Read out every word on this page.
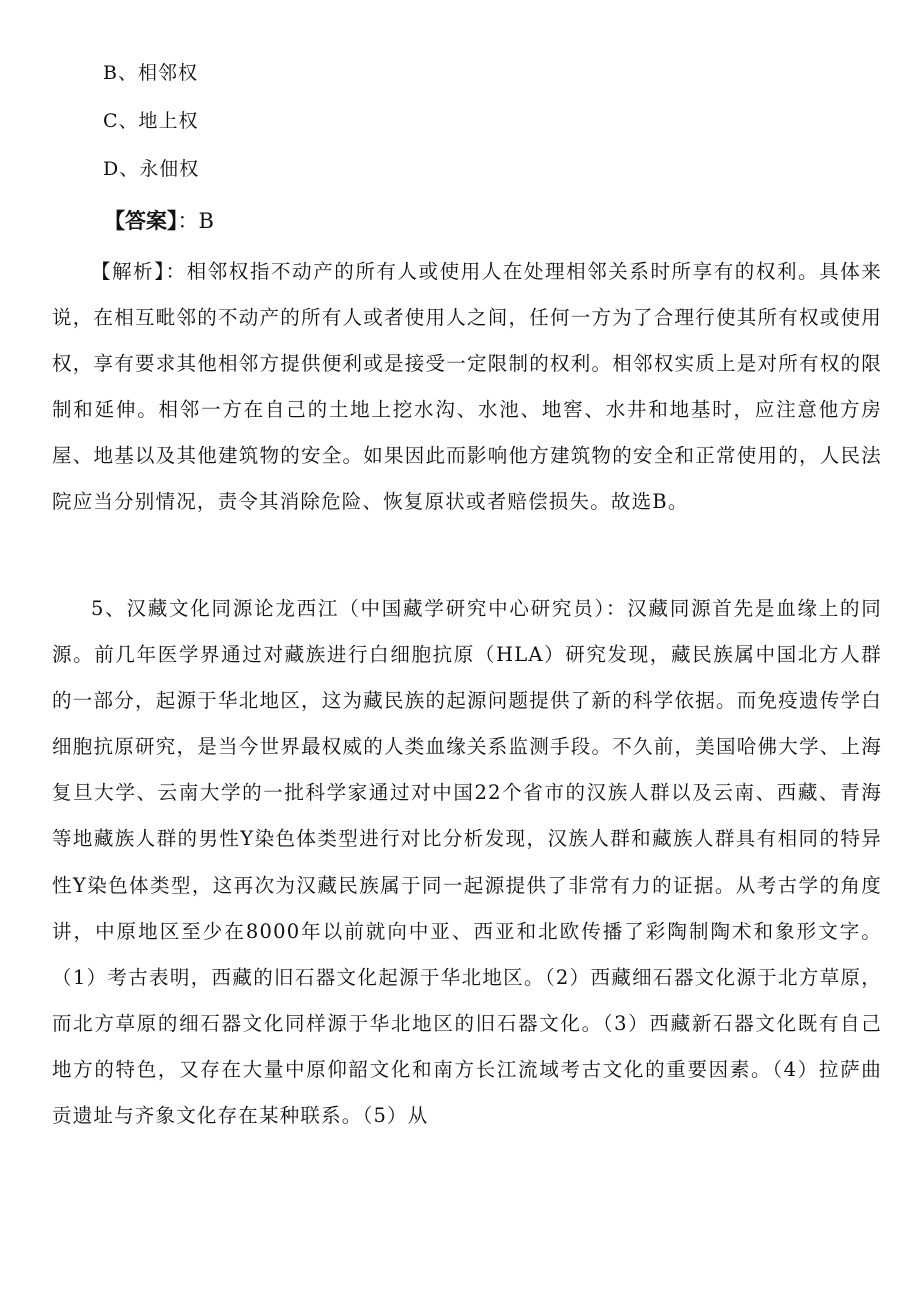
B、相邻权
C、地上权
D、永佃权
【答案】：B

【解析】：相邻权指不动产的所有人或使用人在处理相邻关系时所享有的权利。具体来说，在相互毗邻的不动产的所有人或者使用人之间，任何一方为了合理行使其所有权或使用权，享有要求其他相邻方提供便利或是接受一定限制的权利。相邻权实质上是对所有权的限制和延伸。相邻一方在自己的土地上挖水沟、水池、地窖、水井和地基时，应注意他方房屋、地基以及其他建筑物的安全。如果因此而影响他方建筑物的安全和正常使用的，人民法院应当分别情况，责令其消除危险、恢复原状或者赔偿损失。故选B。

5、汉藏文化同源论龙西江（中国藏学研究中心研究员）：汉藏同源首先是血缘上的同源。前几年医学界通过对藏族进行白细胞抗原（HLA）研究发现，藏民族属中国北方人群的一部分，起源于华北地区，这为藏民族的起源问题提供了新的科学依据。而免疫遗传学白细胞抗原研究，是当今世界最权威的人类血缘关系监测手段。不久前，美国哈佛大学、上海复旦大学、云南大学的一批科学家通过对中国22个省市的汉族人群以及云南、西藏、青海等地藏族人群的男性Y染色体类型进行对比分析发现，汉族人群和藏族人群具有相同的特异性Y染色体类型，这再次为汉藏民族属于同一起源提供了非常有力的证据。从考古学的角度讲，中原地区至少在8000年以前就向中亚、西亚和北欧传播了彩陶制陶术和象形文字。（1）考古表明，西藏的旧石器文化起源于华北地区。（2）西藏细石器文化源于北方草原，而北方草原的细石器文化同样源于华北地区的旧石器文化。（3）西藏新石器文化既有自己地方的特色，又存在大量中原仰韶文化和南方长江流域考古文化的重要因素。（4）拉萨曲贡遗址与齐象文化存在某种联系。（5）从
